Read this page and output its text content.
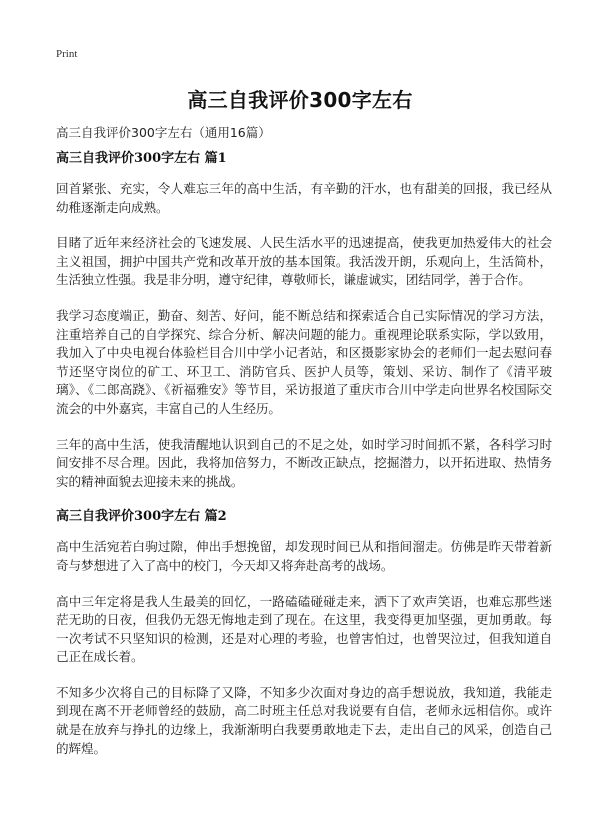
Print
高三自我评价300字左右
高三自我评价300字左右（通用16篇）
高三自我评价300字左右 篇1

回首紧张、充实，令人难忘三年的高中生活，有辛勤的汗水，也有甜美的回报，我已经从幼稚逐渐走向成熟。

目睹了近年来经济社会的飞速发展、人民生活水平的迅速提高，使我更加热爱伟大的社会主义祖国，拥护中国共产党和改革开放的基本国策。我活泼开朗，乐观向上，生活简朴，生活独立性强。我是非分明，遵守纪律，尊敬师长，谦虚诚实，团结同学，善于合作。

我学习态度端正，勤奋、刻苦、好问，能不断总结和探索适合自己实际情况的学习方法，注重培养自己的自学探究、综合分析、解决问题的能力。重视理论联系实际，学以致用，我加入了中央电视台体验栏目合川中学小记者站，和区摄影家协会的老师们一起去慰问春节还坚守岗位的矿工、环卫工、消防官兵、医护人员等，策划、采访、制作了《清平玻璃》、《二郎高跷》、《祈福雅安》等节目，采访报道了重庆市合川中学走向世界名校国际交流会的中外嘉宾，丰富自己的人生经历。

三年的高中生活，使我清醒地认识到自己的不足之处，如时学习时间抓不紧，各科学习时间安排不尽合理。因此，我将加倍努力，不断改正缺点，挖掘潜力，以开拓进取、热情务实的精神面貌去迎接未来的挑战。

高三自我评价300字左右 篇2

高中生活宛若白驹过隙，伸出手想挽留，却发现时间已从和指间溜走。仿佛是昨天带着新奇与梦想进了入了高中的校门，今天却又将奔赴高考的战场。

高中三年定将是我人生最美的回忆，一路磕磕碰碰走来，洒下了欢声笑语，也难忘那些迷茫无助的日夜，但我仍无怨无悔地走到了现在。在这里，我变得更加坚强，更加勇敢。每一次考试不只坚知识的检测，还是对心理的考验，也曾害怕过，也曾哭泣过，但我知道自己正在成长着。

不知多少次将自己的目标降了又降，不知多少次面对身边的高手想说放，我知道，我能走到现在离不开老师曾经的鼓励，高二时班主任总对我说要有自信，老师永远相信你。或许就是在放弃与挣扎的边缘上，我渐渐明白我要勇敢地走下去，走出自己的风采，创造自己的辉煌。
